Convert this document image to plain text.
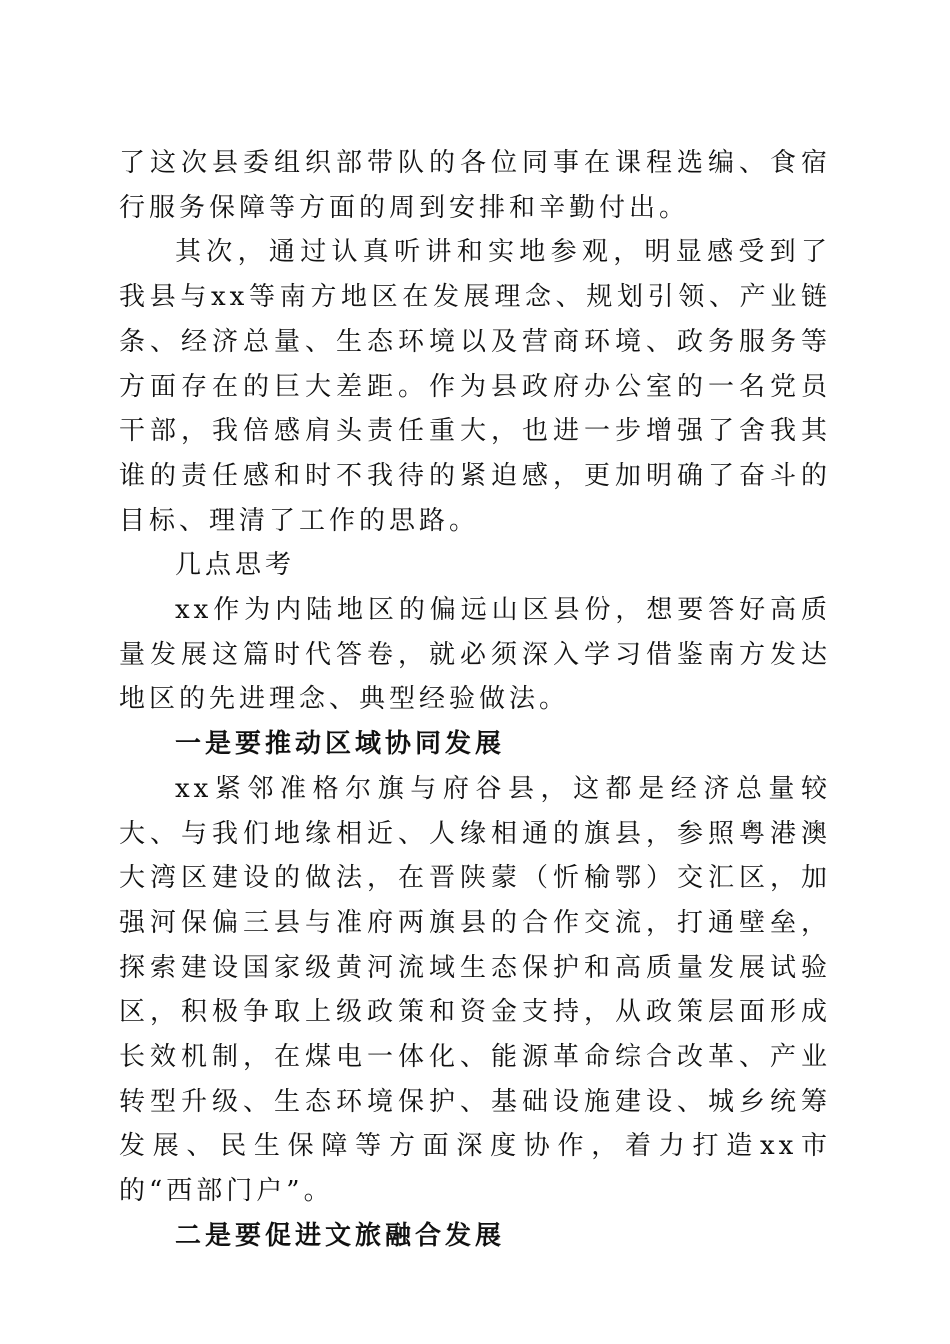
了这次县委组织部带队的各位同事在课程选编、食宿行服务保障等方面的周到安排和辛勤付出。

其次，通过认真听讲和实地参观，明显感受到了我县与xx等南方地区在发展理念、规划引领、产业链条、经济总量、生态环境以及营商环境、政务服务等方面存在的巨大差距。作为县政府办公室的一名党员干部，我倍感肩头责任重大，也进一步增强了舍我其谁的责任感和时不我待的紧迫感，更加明确了奋斗的目标、理清了工作的思路。

几点思考

xx作为内陆地区的偏远山区县份，想要答好高质量发展这篇时代答卷，就必须深入学习借鉴南方发达地区的先进理念、典型经验做法。

一是要推动区域协同发展

xx紧邻准格尔旗与府谷县，这都是经济总量较大、与我们地缘相近、人缘相通的旗县，参照粤港澳大湾区建设的做法，在晋陕蒙（忻榆鄂）交汇区，加强河保偏三县与准府两旗县的合作交流，打通壁垒，探索建设国家级黄河流域生态保护和高质量发展试验区，积极争取上级政策和资金支持，从政策层面形成长效机制，在煤电一体化、能源革命综合改革、产业转型升级、生态环境保护、基础设施建设、城乡统筹发展、民生保障等方面深度协作，着力打造xx市的“西部门户”。

二是要促进文旅融合发展
